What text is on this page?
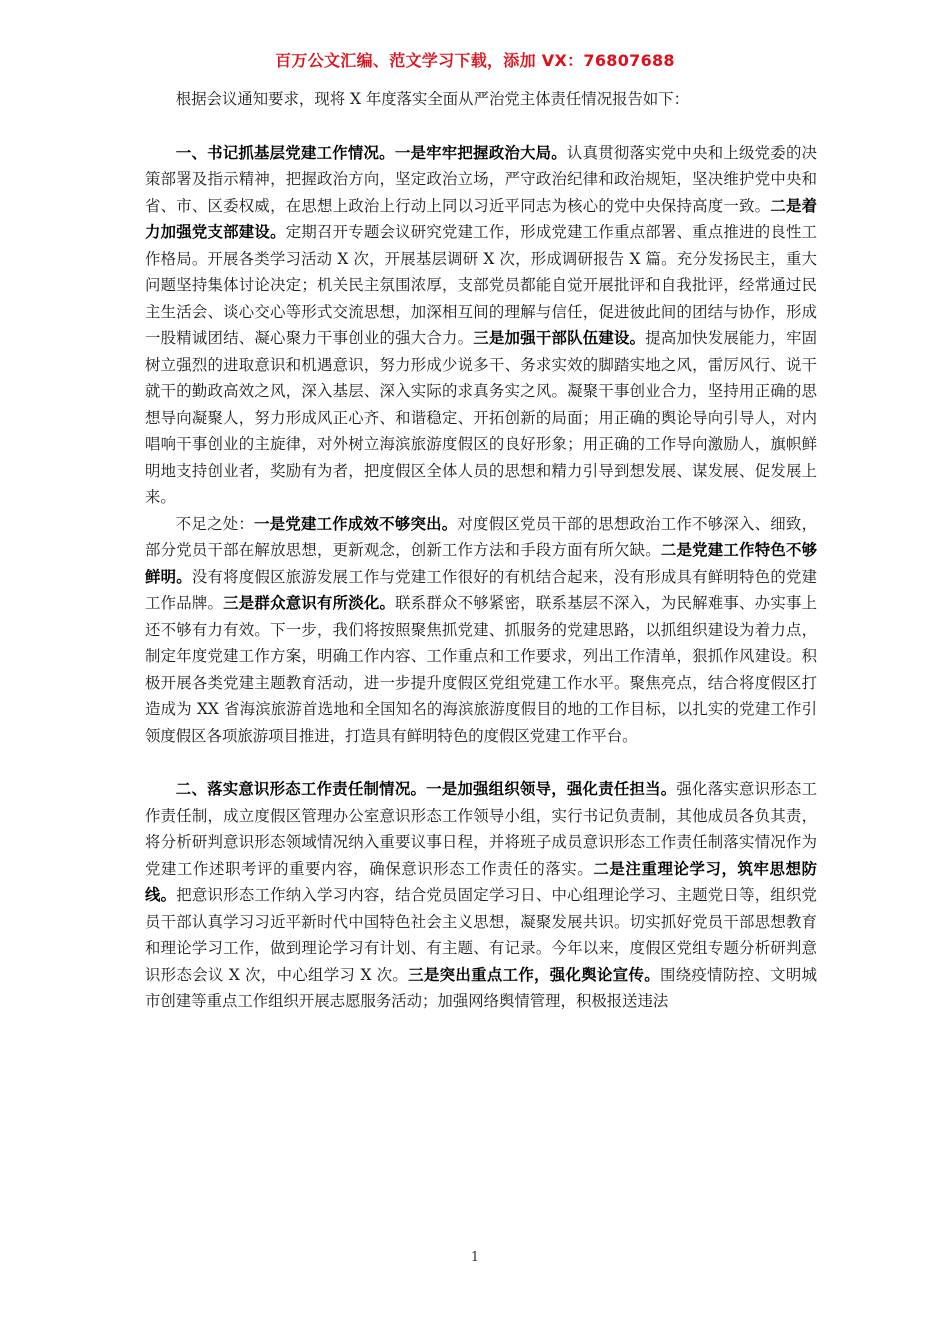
百万公文汇编、范文学习下载，添加 VX：76807688

根据会议通知要求，现将 X 年度落实全面从严治党主体责任情况报告如下：

一、书记抓基层党建工作情况。一是牢牢把握政治大局。认真贯彻落实党中央和上级党委的决策部署及指示精神，把握政治方向，坚定政治立场，严守政治纪律和政治规矩，坚决维护党中央和省、市、区委权威，在思想上政治上行动上同以习近平同志为核心的党中央保持高度一致。二是着力加强党支部建设。定期召开专题会议研究党建工作，形成党建工作重点部署、重点推进的良性工作格局。开展各类学习活动 X 次，开展基层调研 X 次，形成调研报告 X 篇。充分发扬民主，重大问题坚持集体讨论决定；机关民主氛围浓厚，支部党员都能自觉开展批评和自我批评，经常通过民主生活会、谈心交心等形式交流思想，加深相互间的理解与信任，促进彼此间的团结与协作，形成一股精诚团结、凝心聚力干事创业的强大合力。三是加强干部队伍建设。提高加快发展能力，牢固树立强烈的进取意识和机遇意识，努力形成少说多干、务求实效的脚踏实地之风，雷厉风行、说干就干的勤政高效之风，深入基层、深入实际的求真务实之风。凝聚干事创业合力，坚持用正确的思想导向凝聚人，努力形成风正心齐、和谐稳定、开拓创新的局面；用正确的舆论导向引导人，对内唱响干事创业的主旋律，对外树立海滨旅游度假区的良好形象；用正确的工作导向激励人，旗帜鲜明地支持创业者，奖励有为者，把度假区全体人员的思想和精力引导到想发展、谋发展、促发展上来。

不足之处：一是党建工作成效不够突出。对度假区党员干部的思想政治工作不够深入、细致，部分党员干部在解放思想，更新观念，创新工作方法和手段方面有所欠缺。二是党建工作特色不够鲜明。没有将度假区旅游发展工作与党建工作很好的有机结合起来，没有形成具有鲜明特色的党建工作品牌。三是群众意识有所淡化。联系群众不够紧密，联系基层不深入，为民解难事、办实事上还不够有力有效。下一步，我们将按照聚焦抓党建、抓服务的党建思路，以抓组织建设为着力点，制定年度党建工作方案，明确工作内容、工作重点和工作要求，列出工作清单，狠抓作风建设。积极开展各类党建主题教育活动，进一步提升度假区党组党建工作水平。聚焦亮点，结合将度假区打造成为 XX 省海滨旅游首选地和全国知名的海滨旅游度假目的地的工作目标，以扎实的党建工作引领度假区各项旅游项目推进，打造具有鲜明特色的度假区党建工作平台。

二、落实意识形态工作责任制情况。一是加强组织领导，强化责任担当。强化落实意识形态工作责任制，成立度假区管理办公室意识形态工作领导小组，实行书记负责制，其他成员各负其责，将分析研判意识形态领域情况纳入重要议事日程，并将班子成员意识形态工作责任制落实情况作为党建工作述职考评的重要内容，确保意识形态工作责任的落实。二是注重理论学习，筑牢思想防线。把意识形态工作纳入学习内容，结合党员固定学习日、中心组理论学习、主题党日等，组织党员干部认真学习习近平新时代中国特色社会主义思想，凝聚发展共识。切实抓好党员干部思想教育和理论学习工作，做到理论学习有计划、有主题、有记录。今年以来，度假区党组专题分析研判意识形态会议 X 次，中心组学习 X 次。三是突出重点工作，强化舆论宣传。围绕疫情防控、文明城市创建等重点工作组织开展志愿服务活动；加强网络舆情管理，积极报送违法

1
